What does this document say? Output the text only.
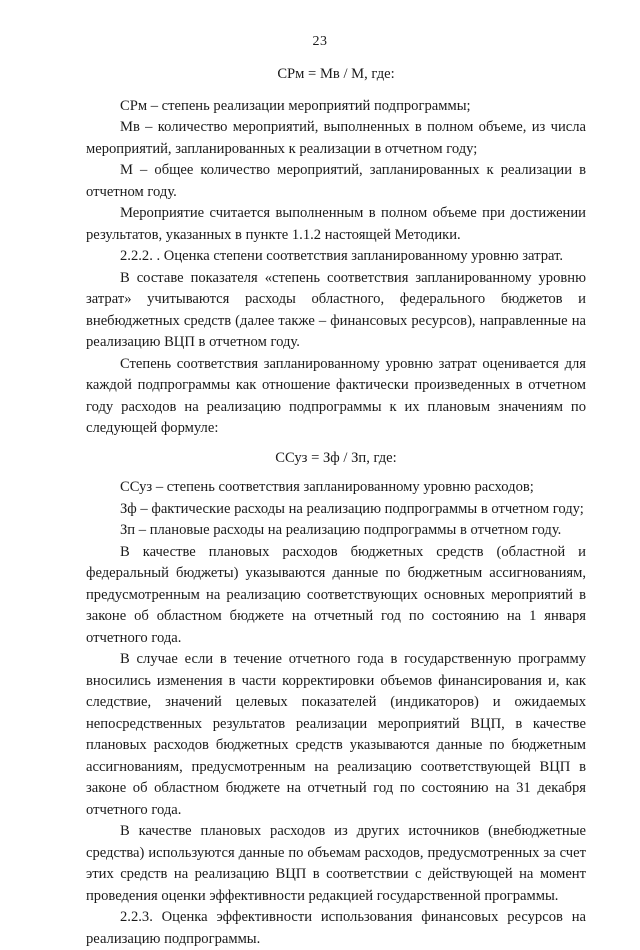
23
СРм = Мв / М, где:

СРм – степень реализации мероприятий подпрограммы;

Мв – количество мероприятий, выполненных в полном объеме, из числа мероприятий, запланированных к реализации в отчетном году;

М – общее количество мероприятий, запланированных к реализации в отчетном году.

Мероприятие считается выполненным в полном объеме при достижении результатов, указанных в пункте 1.1.2 настоящей Методики.

2.2.2. . Оценка степени соответствия запланированному уровню затрат.

В составе показателя «степень соответствия запланированному уровню затрат» учитываются расходы областного, федерального бюджетов и внебюджетных средств (далее также – финансовых ресурсов), направленные на реализацию ВЦП в отчетном году.

Степень соответствия запланированному уровню затрат оценивается для каждой подпрограммы как отношение фактически произведенных в отчетном году расходов на реализацию подпрограммы к их плановым значениям по следующей формуле:

ССуз = Зф / Зп, где:

ССуз – степень соответствия запланированному уровню расходов;

Зф – фактические расходы на реализацию подпрограммы в отчетном году;

Зп – плановые расходы на реализацию подпрограммы в отчетном году.

В качестве плановых расходов бюджетных средств (областной и федеральный бюджеты) указываются данные по бюджетным ассигнованиям, предусмотренным на реализацию соответствующих основных мероприятий в законе об областном бюджете на отчетный год по состоянию на 1 января отчетного года.

В случае если в течение отчетного года в государственную программу вносились изменения в части корректировки объемов финансирования и, как следствие, значений целевых показателей (индикаторов) и ожидаемых непосредственных результатов реализации мероприятий ВЦП, в качестве плановых расходов бюджетных средств указываются данные по бюджетным ассигнованиям, предусмотренным на реализацию соответствующей ВЦП в законе об областном бюджете на отчетный год по состоянию на 31 декабря отчетного года.

В качестве плановых расходов из других источников (внебюджетные средства) используются данные по объемам расходов, предусмотренных за счет этих средств на реализацию ВЦП в соответствии с действующей на момент проведения оценки эффективности редакцией государственной программы.

2.2.3. Оценка эффективности использования финансовых ресурсов на реализацию подпрограммы.
